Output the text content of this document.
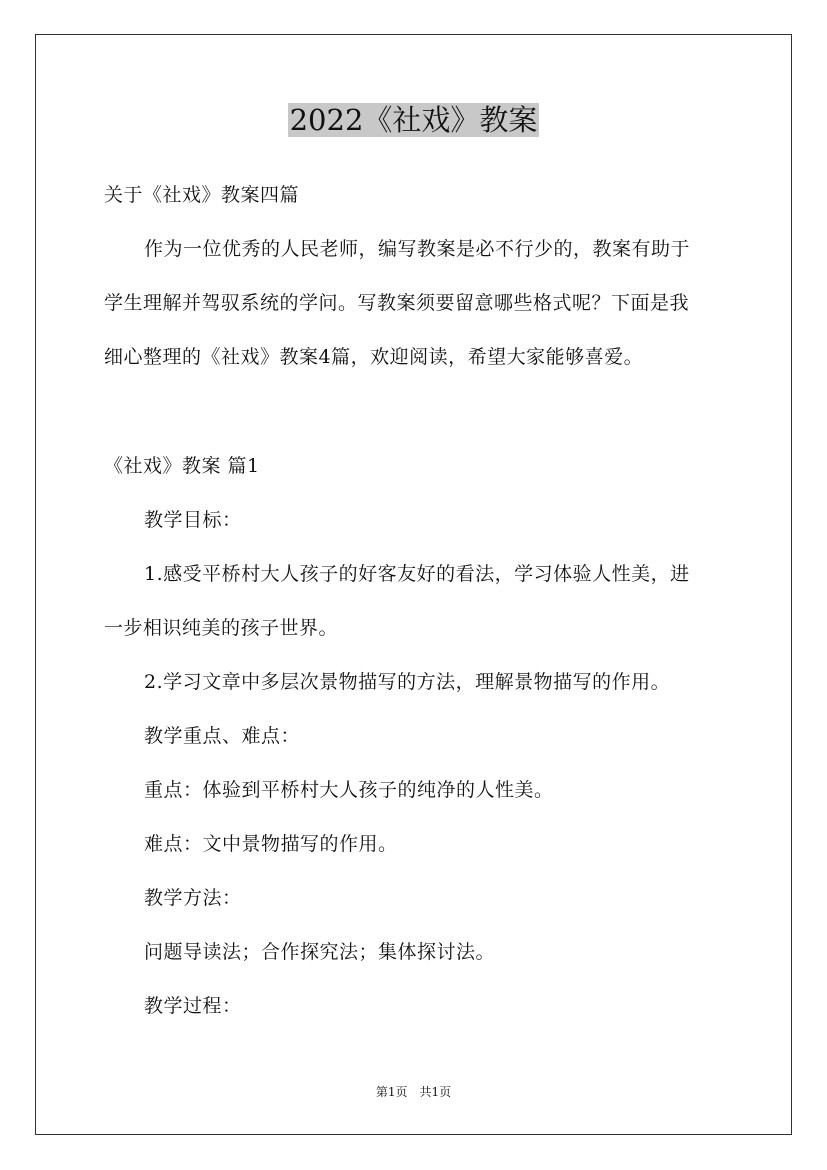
2022《社戏》教案
关于《社戏》教案四篇
作为一位优秀的人民老师，编写教案是必不行少的，教案有助于
学生理解并驾驭系统的学问。写教案须要留意哪些格式呢？下面是我
细心整理的《社戏》教案4篇，欢迎阅读，希望大家能够喜爱。
《社戏》教案 篇1
教学目标：
1.感受平桥村大人孩子的好客友好的看法，学习体验人性美，进
一步相识纯美的孩子世界。
2.学习文章中多层次景物描写的方法，理解景物描写的作用。
教学重点、难点：
重点：体验到平桥村大人孩子的纯净的人性美。
难点：文中景物描写的作用。
教学方法：
问题导读法；合作探究法；集体探讨法。
教学过程：
第1页　共1页
